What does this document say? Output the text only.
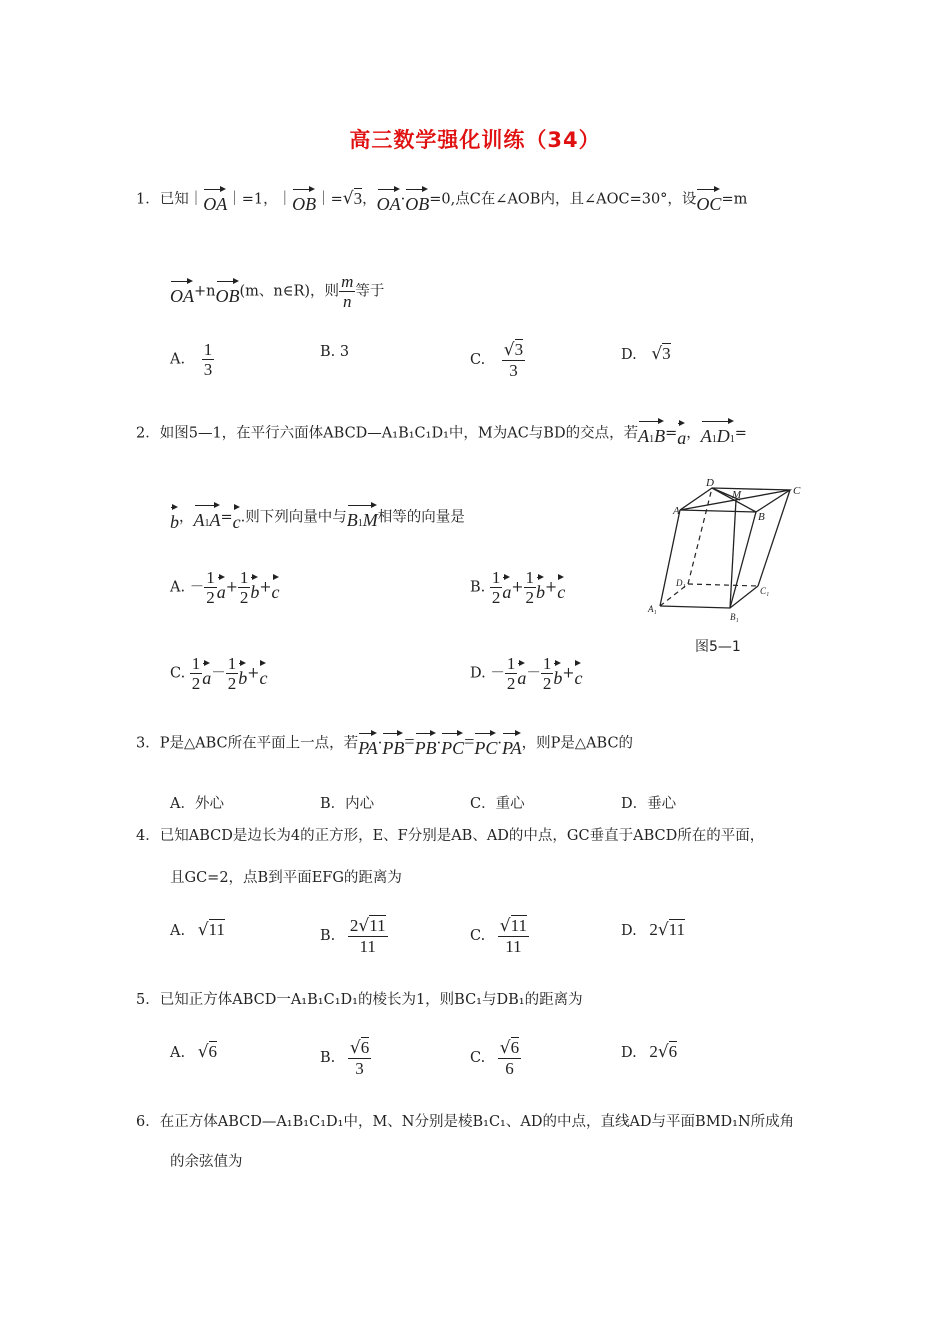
高三数学强化训练（34）
1．已知｜OA｜=1，｜OB｜=√3，OA·OB=0,点C在∠AOB内，且∠AOC=30°，设OC=m
OA+nOB(m、n∈R)，则 $\frac{m}{n}$ 等于
A. $\frac{1}{3}$	B. 3	C. $\frac{√3}{3}$	D. √3
2．如图5—1，在平行六面体ABCD—A₁B₁C₁D₁中，M为AC与BD的交点，若A1B=a，A1D1=
b，A1A=c.则下列向量中与B1M相等的向量是
A. － $\frac{1}{2} a+ \frac{1}{2} b+c$	B. $\frac{1}{2} a+ \frac{1}{2} b+c$
C. $\frac{1}{2} a- \frac{1}{2} b+c$	D. － $\frac{1}{2} a- \frac{1}{2} b+c$
D
M	C
A	B
D₁
C₁
A₁
B₁
图5—1
3．P是△ABC所在平面上一点，若PA·PB=PB·PC=PC·PA，则P是△ABC的
A．外心	B．内心	C．重心	D．垂心
4．已知ABCD是边长为4的正方形，E、F分别是AB、AD的中点，GC垂直于ABCD所在的平面，
且GC=2，点B到平面EFG的距离为
A. √11	B. $\frac{2√11}{11}$	C. $\frac{√11}{11}$	D. 2√11
5．已知正方体ABCD一A₁B₁C₁D₁的棱长为1，则BC₁与DB₁的距离为
A. √6	B. $\frac{√6}{3}$	C. $\frac{√6}{6}$	D. 2√6
6．在正方体ABCD—A₁B₁C₁D₁中，M、N分别是棱B₁C₁、AD的中点，直线AD与平面BMD₁N所成角
的余弦值为
